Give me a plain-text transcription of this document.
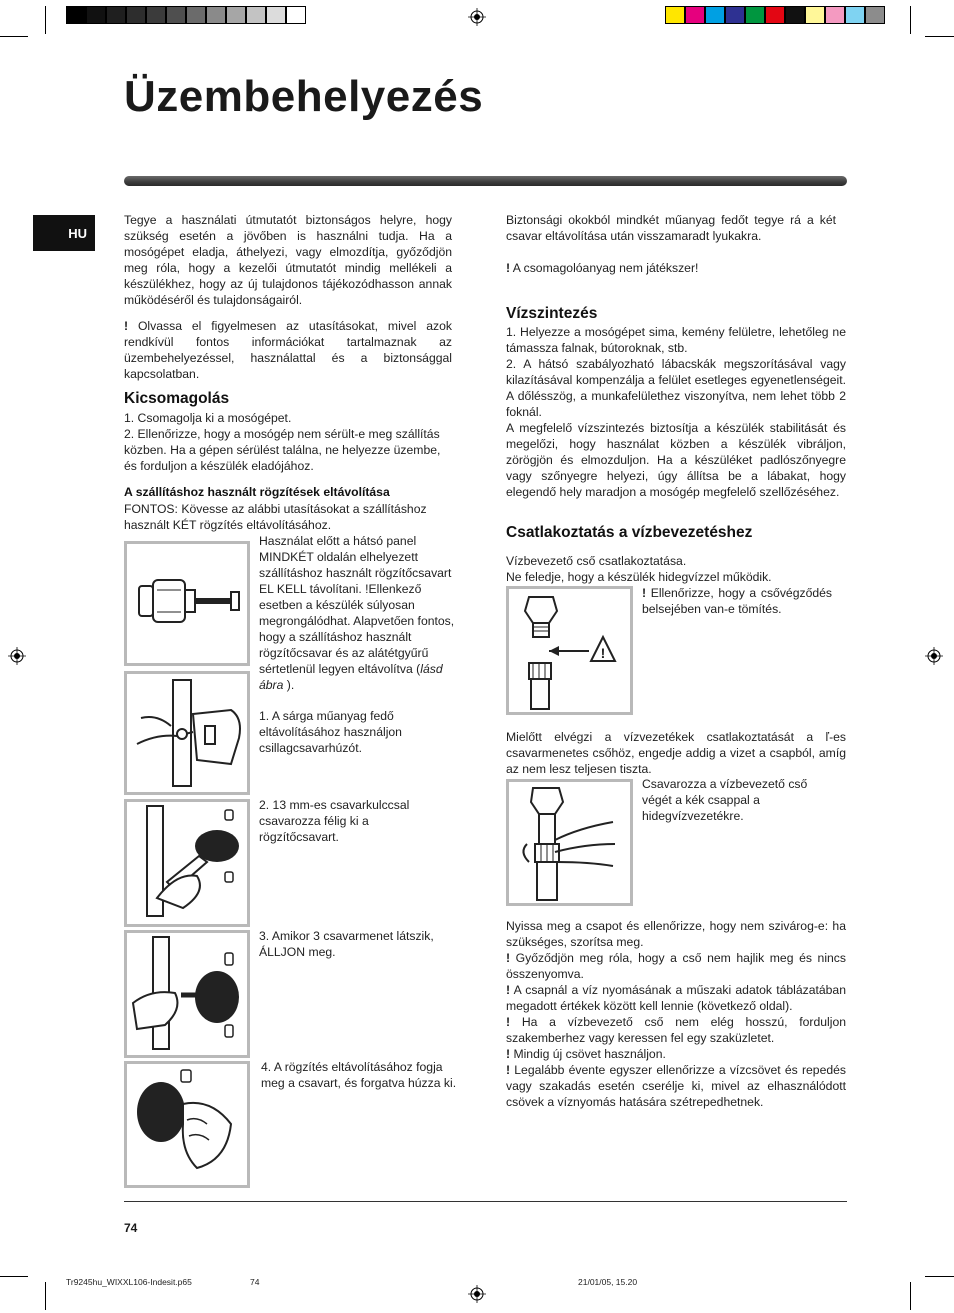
Üzembehelyezés
HU
Tegye a használati útmutatót biztonságos helyre, hogy szükség esetén a jövőben is használni tudja. Ha a mosógépet eladja, áthelyezi, vagy elmozdítja, győződjön meg róla, hogy a kezelői útmutatót mindig mellékeli a készülékhez, hogy az új tulajdonos tájékozódhasson annak működéséről és tulajdonságairól.
! Olvassa el figyelmesen az utasításokat, mivel azok rendkívül fontos információkat tartalmaznak az üzembehelyezéssel, használattal és a biztonsággal kapcsolatban.
Kicsomagolás
1. Csomagolja ki a mosógépet.
2. Ellenőrizze, hogy a mosógép nem sérült-e meg szállítás közben. Ha a gépen sérülést találna, ne helyezze üzembe, és forduljon a készülék eladójához.
A szállításhoz használt rögzítések eltávolítása
FONTOS: Kövesse az alábbi utasításokat a szállításhoz használt KÉT rögzítés eltávolításához.
Használat előtt a hátsó panel MINDKÉT oldalán elhelyezett szállításhoz használt rögzítőcsavart EL KELL távolítani. !Ellenkező esetben a készülék súlyosan megrongálódhat. Alapvetően fontos, hogy a szállításhoz használt rögzítőcsavar és az alátétgyűrű sértetlenül legyen eltávolítva (lásd ábra ).
1. A sárga műanyag fedő eltávolításához használjon csillagcsavarhúzót.
2. 13 mm-es csavarkulccsal csavarozza félig ki a rögzítőcsavart.
3. Amikor 3 csavarmenet látszik, ÁLLJON meg.
4. A rögzítés eltávolításához fogja meg a csavart, és forgatva húzza ki.
Biztonsági okokból mindkét műanyag fedőt tegye rá a két csavar eltávolítása után visszamaradt lyukakra.
! A csomagolóanyag nem játékszer!
Vízszintezés
1. Helyezze a mosógépet sima, kemény felületre, lehetőleg ne támassza falnak, bútoroknak, stb.
2. A hátsó szabályozható lábacskák megszorításával vagy kilazításával kompenzálja a felület esetleges egyenetlenségeit. A dőlésszög, a munkafelülethez viszonyítva, nem lehet több 2 foknál.
A megfelelő vízszintezés biztosítja a készülék stabilitását és megelőzi, hogy használat közben a készülék vibráljon, zörögjön és elmozduljon. Ha a készüléket padlószőnyegre vagy szőnyegre helyezi, úgy állítsa be a lábakat, hogy elegendő hely maradjon a mosógép megfelelő szellőzéséhez.
Csatlakoztatás a vízbevezetéshez
Vízbevezető cső csatlakoztatása.
Ne feledje, hogy a készülék hidegvízzel működik.
!
! Ellenőrizze, hogy a csővégződés belsejében van-e tömítés.
Mielőtt elvégzi a vízvezetékek csatlakoztatását a ľ-es csavarmenetes csőhöz, engedje addig a vizet a csapból, amíg az nem lesz teljesen tiszta.
Csavarozza a vízbevezető cső végét a kék csappal a hidegvízvezetékre.
Nyissa meg a csapot és ellenőrizze, hogy nem szivárog-e: ha szükséges, szorítsa meg.
! Győződjön meg róla, hogy a cső nem hajlik meg és nincs összenyomva.
! A csapnál a víz nyomásának a műszaki adatok táblázatában megadott értékek között kell lennie (következő oldal).
! Ha a vízbevezető cső nem elég hosszú, forduljon szakemberhez vagy keressen fel egy szaküzletet.
! Mindig új csövet használjon.
! Legalább évente egyszer ellenőrizze a vízcsövet és repedés vagy szakadás esetén cserélje ki, mivel az elhasználódott csövek a víznyomás hatására szétrepedhetnek.
74
Tr9245hu_WIXXL106-Indesit.p65	74	21/01/05, 15.20
